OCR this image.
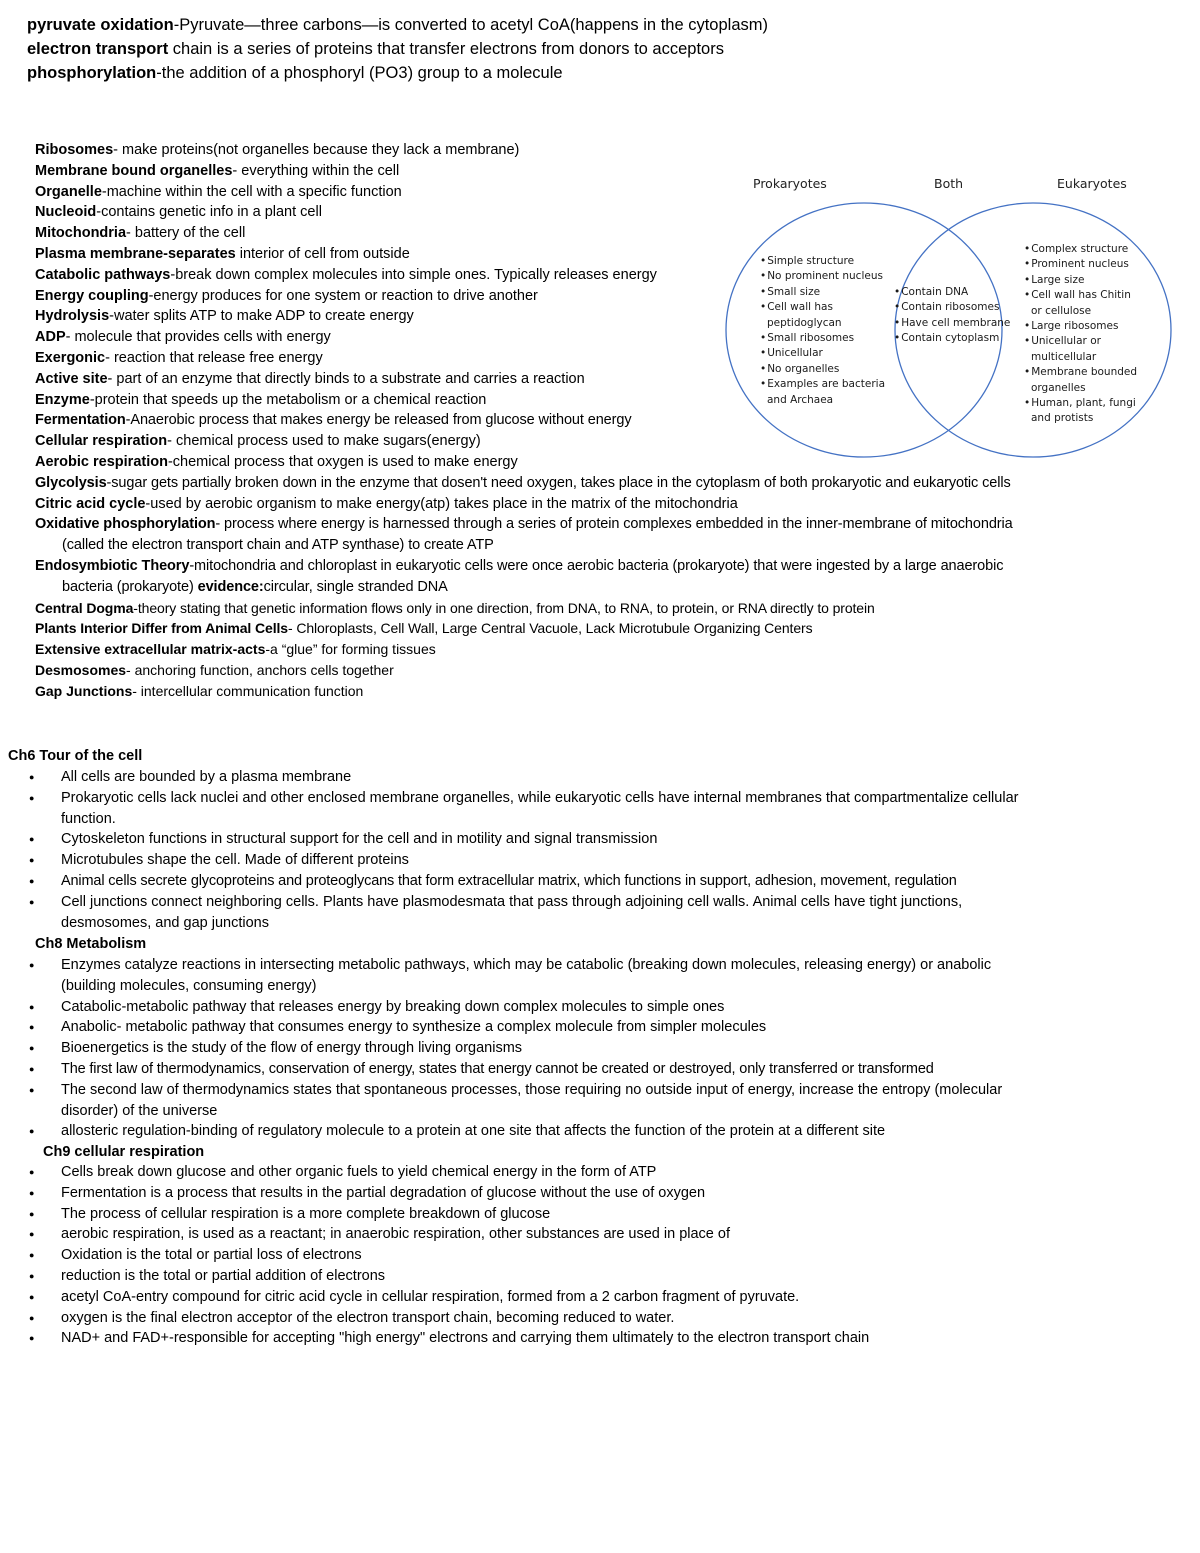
pyruvate oxidation-Pyruvate—three carbons—is converted to acetyl CoA(happens in the cytoplasm)
electron transport chain is a series of proteins that transfer electrons from donors to acceptors
phosphorylation-the addition of a phosphoryl (PO3) group to a molecule
Ribosomes- make proteins(not organelles because they lack a membrane)
Membrane bound organelles- everything within the cell
Organelle-machine within the cell with a specific function
Nucleoid-contains genetic info in a plant cell
Mitochondria- battery of the cell
Plasma membrane-separates interior of cell from outside
Catabolic pathways-break down complex molecules into simple ones. Typically releases energy
Energy coupling-energy produces for one system or reaction to drive another
Hydrolysis-water splits ATP to make ADP to create energy
ADP- molecule that provides cells with energy
Exergonic- reaction that release free energy
Active site- part of an enzyme that directly binds to a substrate and carries a reaction
Enzyme-protein that speeds up the metabolism or a chemical reaction
Fermentation-Anaerobic process that makes energy be released from glucose without energy
Cellular respiration- chemical process used to make sugars(energy)
Aerobic respiration-chemical process that oxygen is used to make energy
Glycolysis-sugar gets partially broken down in the enzyme that dosen't need oxygen, takes place in the cytoplasm of both prokaryotic and eukaryotic cells
Citric acid cycle-used by aerobic organism to make energy(atp) takes place in the matrix of the mitochondria
Oxidative phosphorylation- process where energy is harnessed through a series of protein complexes embedded in the inner-membrane of mitochondria (called the electron transport chain and ATP synthase) to create ATP
Endosymbiotic Theory-mitochondria and chloroplast in eukaryotic cells were once aerobic bacteria (prokaryote) that were ingested by a large anaerobic bacteria (prokaryote) evidence:circular, single stranded DNA
Central Dogma-theory stating that genetic information flows only in one direction, from DNA, to RNA, to protein, or RNA directly to protein
Plants Interior Differ from Animal Cells- Chloroplasts, Cell Wall, Large Central Vacuole, Lack Microtubule Organizing Centers
Extensive extracellular matrix-acts-a “glue” for forming tissues
Desmosomes- anchoring function, anchors cells together
Gap Junctions- intercellular communication function
Ch6 Tour of the cell
● All cells are bounded by a plasma membrane
● Prokaryotic cells lack nuclei and other enclosed membrane organelles, while eukaryotic cells have internal membranes that compartmentalize cellular function.
● Cytoskeleton functions in structural support for the cell and in motility and signal transmission
● Microtubules shape the cell. Made of different proteins
● Animal cells secrete glycoproteins and proteoglycans that form extracellular matrix, which functions in support, adhesion, movement, regulation
● Cell junctions connect neighboring cells. Plants have plasmodesmata that pass through adjoining cell walls. Animal cells have tight junctions, desmosomes, and gap junctions
Ch8 Metabolism
● Enzymes catalyze reactions in intersecting metabolic pathways, which may be catabolic (breaking down molecules, releasing energy) or anabolic (building molecules, consuming energy)
● Catabolic-metabolic pathway that releases energy by breaking down complex molecules to simple ones
● Anabolic- metabolic pathway that consumes energy to synthesize a complex molecule from simpler molecules
● Bioenergetics is the study of the flow of energy through living organisms
● The first law of thermodynamics, conservation of energy, states that energy cannot be created or destroyed, only transferred or transformed
● The second law of thermodynamics states that spontaneous processes, those requiring no outside input of energy, increase the entropy (molecular disorder) of the universe
● allosteric regulation-binding of regulatory molecule to a protein at one site that affects the function of the protein at a different site
Ch9 cellular respiration
● Cells break down glucose and other organic fuels to yield chemical energy in the form of ATP
● Fermentation is a process that results in the partial degradation of glucose without the use of oxygen
● The process of cellular respiration is a more complete breakdown of glucose
● aerobic respiration, is used as a reactant; in anaerobic respiration, other substances are used in place of
● Oxidation is the total or partial loss of electrons
● reduction is the total or partial addition of electrons
● acetyl CoA-entry compound for citric acid cycle in cellular respiration, formed from a 2 carbon fragment of pyruvate.
● oxygen is the final electron acceptor of the electron transport chain, becoming reduced to water.
● NAD+ and FAD+-responsible for accepting "high energy" electrons and carrying them ultimately to the electron transport chain
Prokaryotes	Both	Eukaryotes
• Simple structure
• No prominent nucleus
• Small size
• Cell wall has peptidoglycan
• Small ribosomes
• Unicellular
• No organelles
• Examples are bacteria and Archaea
• Contain DNA
• Contain ribosomes
• Have cell membrane
• Contain cytoplasm
• Complex structure
• Prominent nucleus
• Large size
• Cell wall has Chitin or cellulose
• Large ribosomes
• Unicellular or multicellular
• Membrane bounded organelles
• Human, plant, fungi and protists
